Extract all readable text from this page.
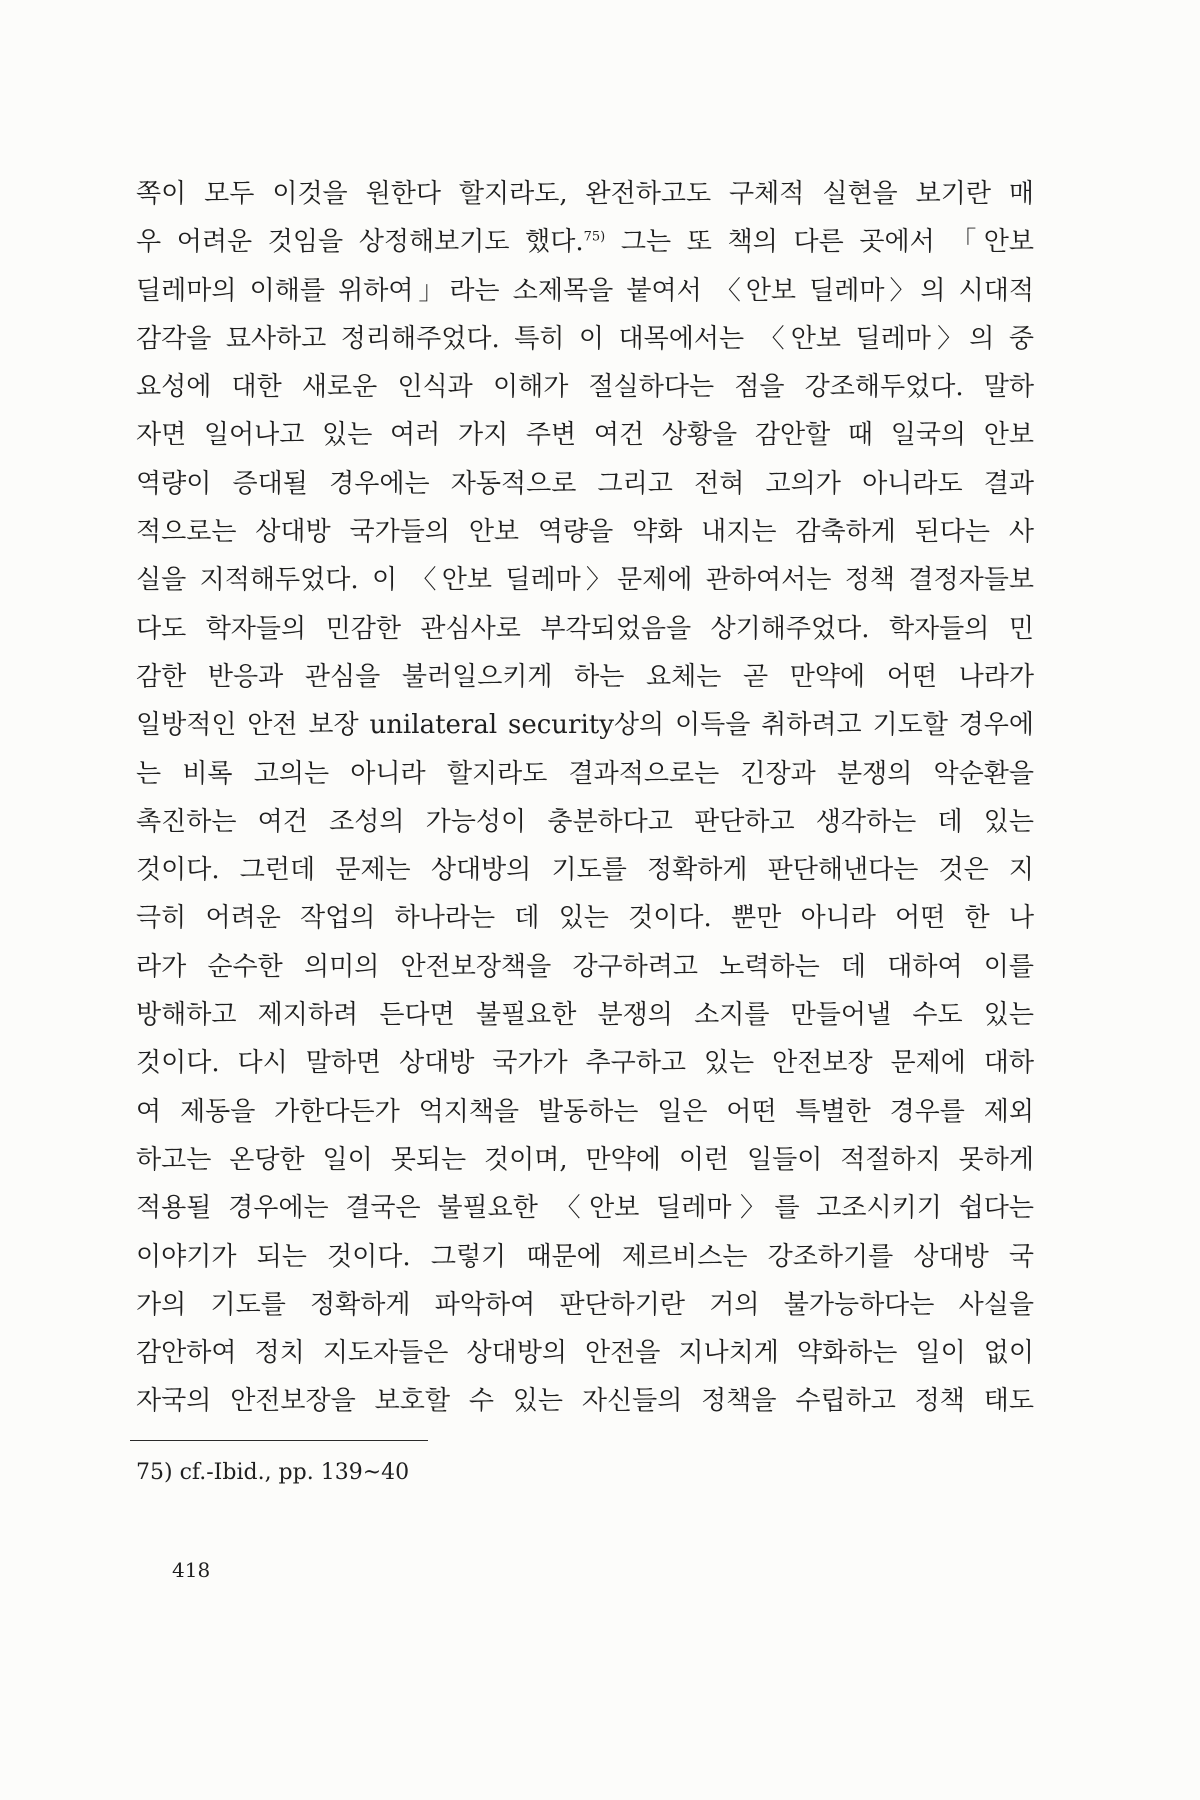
쪽이 모두 이것을 원한다 할지라도, 완전하고도 구체적 실현을 보기란 매
우 어려운 것임을 상정해보기도 했다.$^{75)}$ 그는 또 책의 다른 곳에서 「안보
딜레마의 이해를 위하여」라는 소제목을 붙여서 〈안보 딜레마〉의 시대적
감각을 묘사하고 정리해주었다. 특히 이 대목에서는 〈안보 딜레마〉의 중
요성에 대한 새로운 인식과 이해가 절실하다는 점을 강조해두었다. 말하
자면 일어나고 있는 여러 가지 주변 여건 상황을 감안할 때 일국의 안보
역량이 증대될 경우에는 자동적으로 그리고 전혀 고의가 아니라도 결과
적으로는 상대방 국가들의 안보 역량을 약화 내지는 감축하게 된다는 사
실을 지적해두었다. 이 〈안보 딜레마〉문제에 관하여서는 정책 결정자들보
다도 학자들의 민감한 관심사로 부각되었음을 상기해주었다. 학자들의 민
감한 반응과 관심을 불러일으키게 하는 요체는 곧 만약에 어떤 나라가
일방적인 안전 보장 unilateral security상의 이득을 취하려고 기도할 경우에
는 비록 고의는 아니라 할지라도 결과적으로는 긴장과 분쟁의 악순환을
촉진하는 여건 조성의 가능성이 충분하다고 판단하고 생각하는 데 있는
것이다. 그런데 문제는 상대방의 기도를 정확하게 판단해낸다는 것은 지
극히 어려운 작업의 하나라는 데 있는 것이다. 뿐만 아니라 어떤 한 나
라가 순수한 의미의 안전보장책을 강구하려고 노력하는 데 대하여 이를
방해하고 제지하려 든다면 불필요한 분쟁의 소지를 만들어낼 수도 있는
것이다. 다시 말하면 상대방 국가가 추구하고 있는 안전보장 문제에 대하
여 제동을 가한다든가 억지책을 발동하는 일은 어떤 특별한 경우를 제외
하고는 온당한 일이 못되는 것이며, 만약에 이런 일들이 적절하지 못하게
적용될 경우에는 결국은 불필요한 〈안보 딜레마〉를 고조시키기 쉽다는
이야기가 되는 것이다. 그렇기 때문에 제르비스는 강조하기를 상대방 국
가의 기도를 정확하게 파악하여 판단하기란 거의 불가능하다는 사실을
감안하여 정치 지도자들은 상대방의 안전을 지나치게 약화하는 일이 없이
자국의 안전보장을 보호할 수 있는 자신들의 정책을 수립하고 정책 태도
75) cf.-Ibid., pp. 139~40
418
